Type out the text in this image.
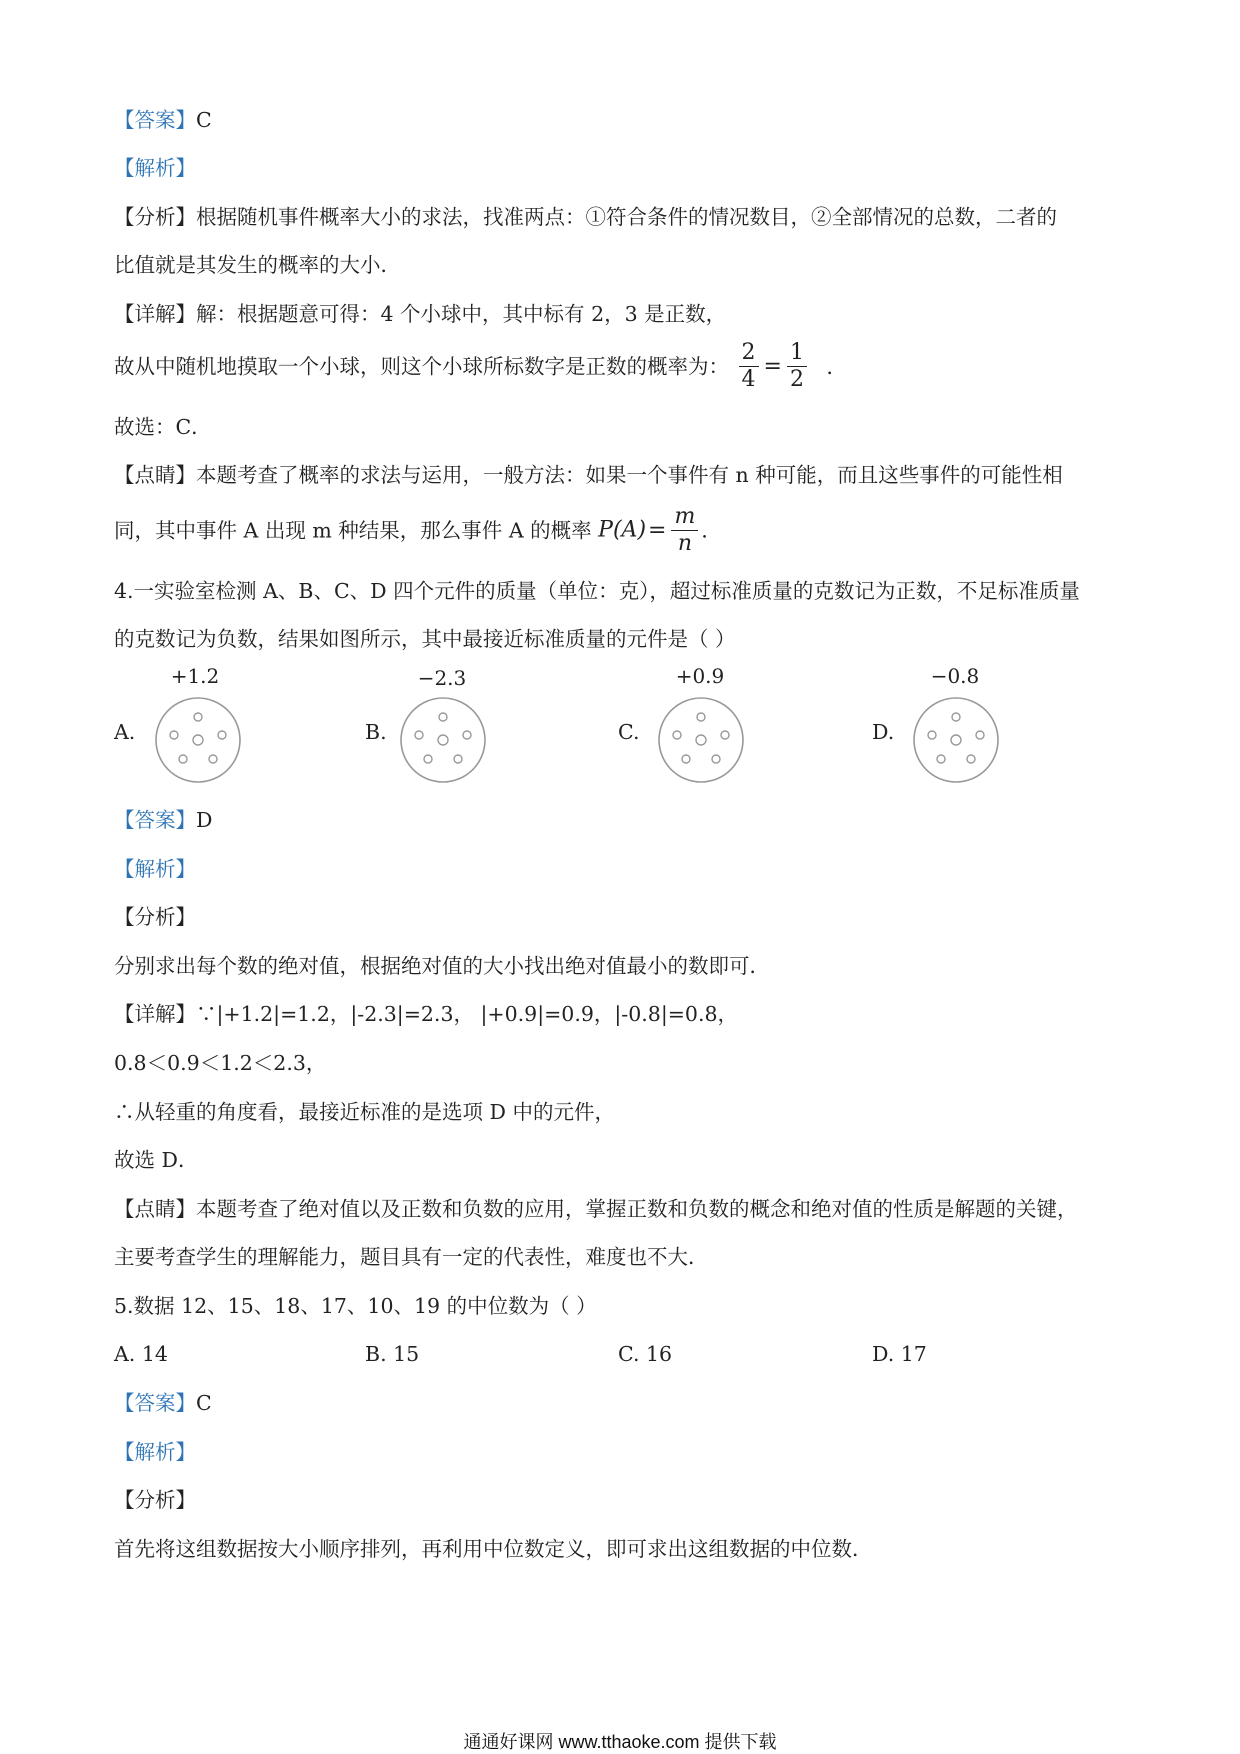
【答案】C
【解析】
【分析】根据随机事件概率大小的求法，找准两点：①符合条件的情况数目，②全部情况的总数，二者的
比值就是其发生的概率的大小．
【详解】解：根据题意可得：4 个小球中，其中标有 2，3 是正数，
故从中随机地摸取一个小球，则这个小球所标数字是正数的概率为： $\frac{2}{4} = \frac{1}{2}$ ．
故选：C．
【点睛】本题考查了概率的求法与运用，一般方法：如果一个事件有 n 种可能，而且这些事件的可能性相
同，其中事件 A 出现 m 种结果，那么事件 A 的概率 $P(A)= \frac{m}{n}$ ．
4.一实验室检测 A、B、C、D 四个元件的质量（单位：克），超过标准质量的克数记为正数，不足标准质量
的克数记为负数，结果如图所示，其中最接近标准质量的元件是（ ）
A.
+1.2
B.
−2.3
C.
+0.9
D.
−0.8
【答案】D
【解析】
【分析】
分别求出每个数的绝对值，根据绝对值的大小找出绝对值最小的数即可．
【详解】∵|+1.2|=1.2，|-2.3|=2.3， |+0.9|=0.9，|-0.8|=0.8，
0.8＜0.9＜1.2＜2.3，
∴从轻重的角度看，最接近标准的是选项 D 中的元件，
故选 D．
【点睛】本题考查了绝对值以及正数和负数的应用，掌握正数和负数的概念和绝对值的性质是解题的关键，
主要考查学生的理解能力，题目具有一定的代表性，难度也不大．
5.数据 12、15、18、17、10、19 的中位数为（ ）
A. 14	B. 15	C. 16	D. 17
【答案】C
【解析】
【分析】
首先将这组数据按大小顺序排列，再利用中位数定义，即可求出这组数据的中位数．
通通好课网 www.tthaoke.com 提供下载
